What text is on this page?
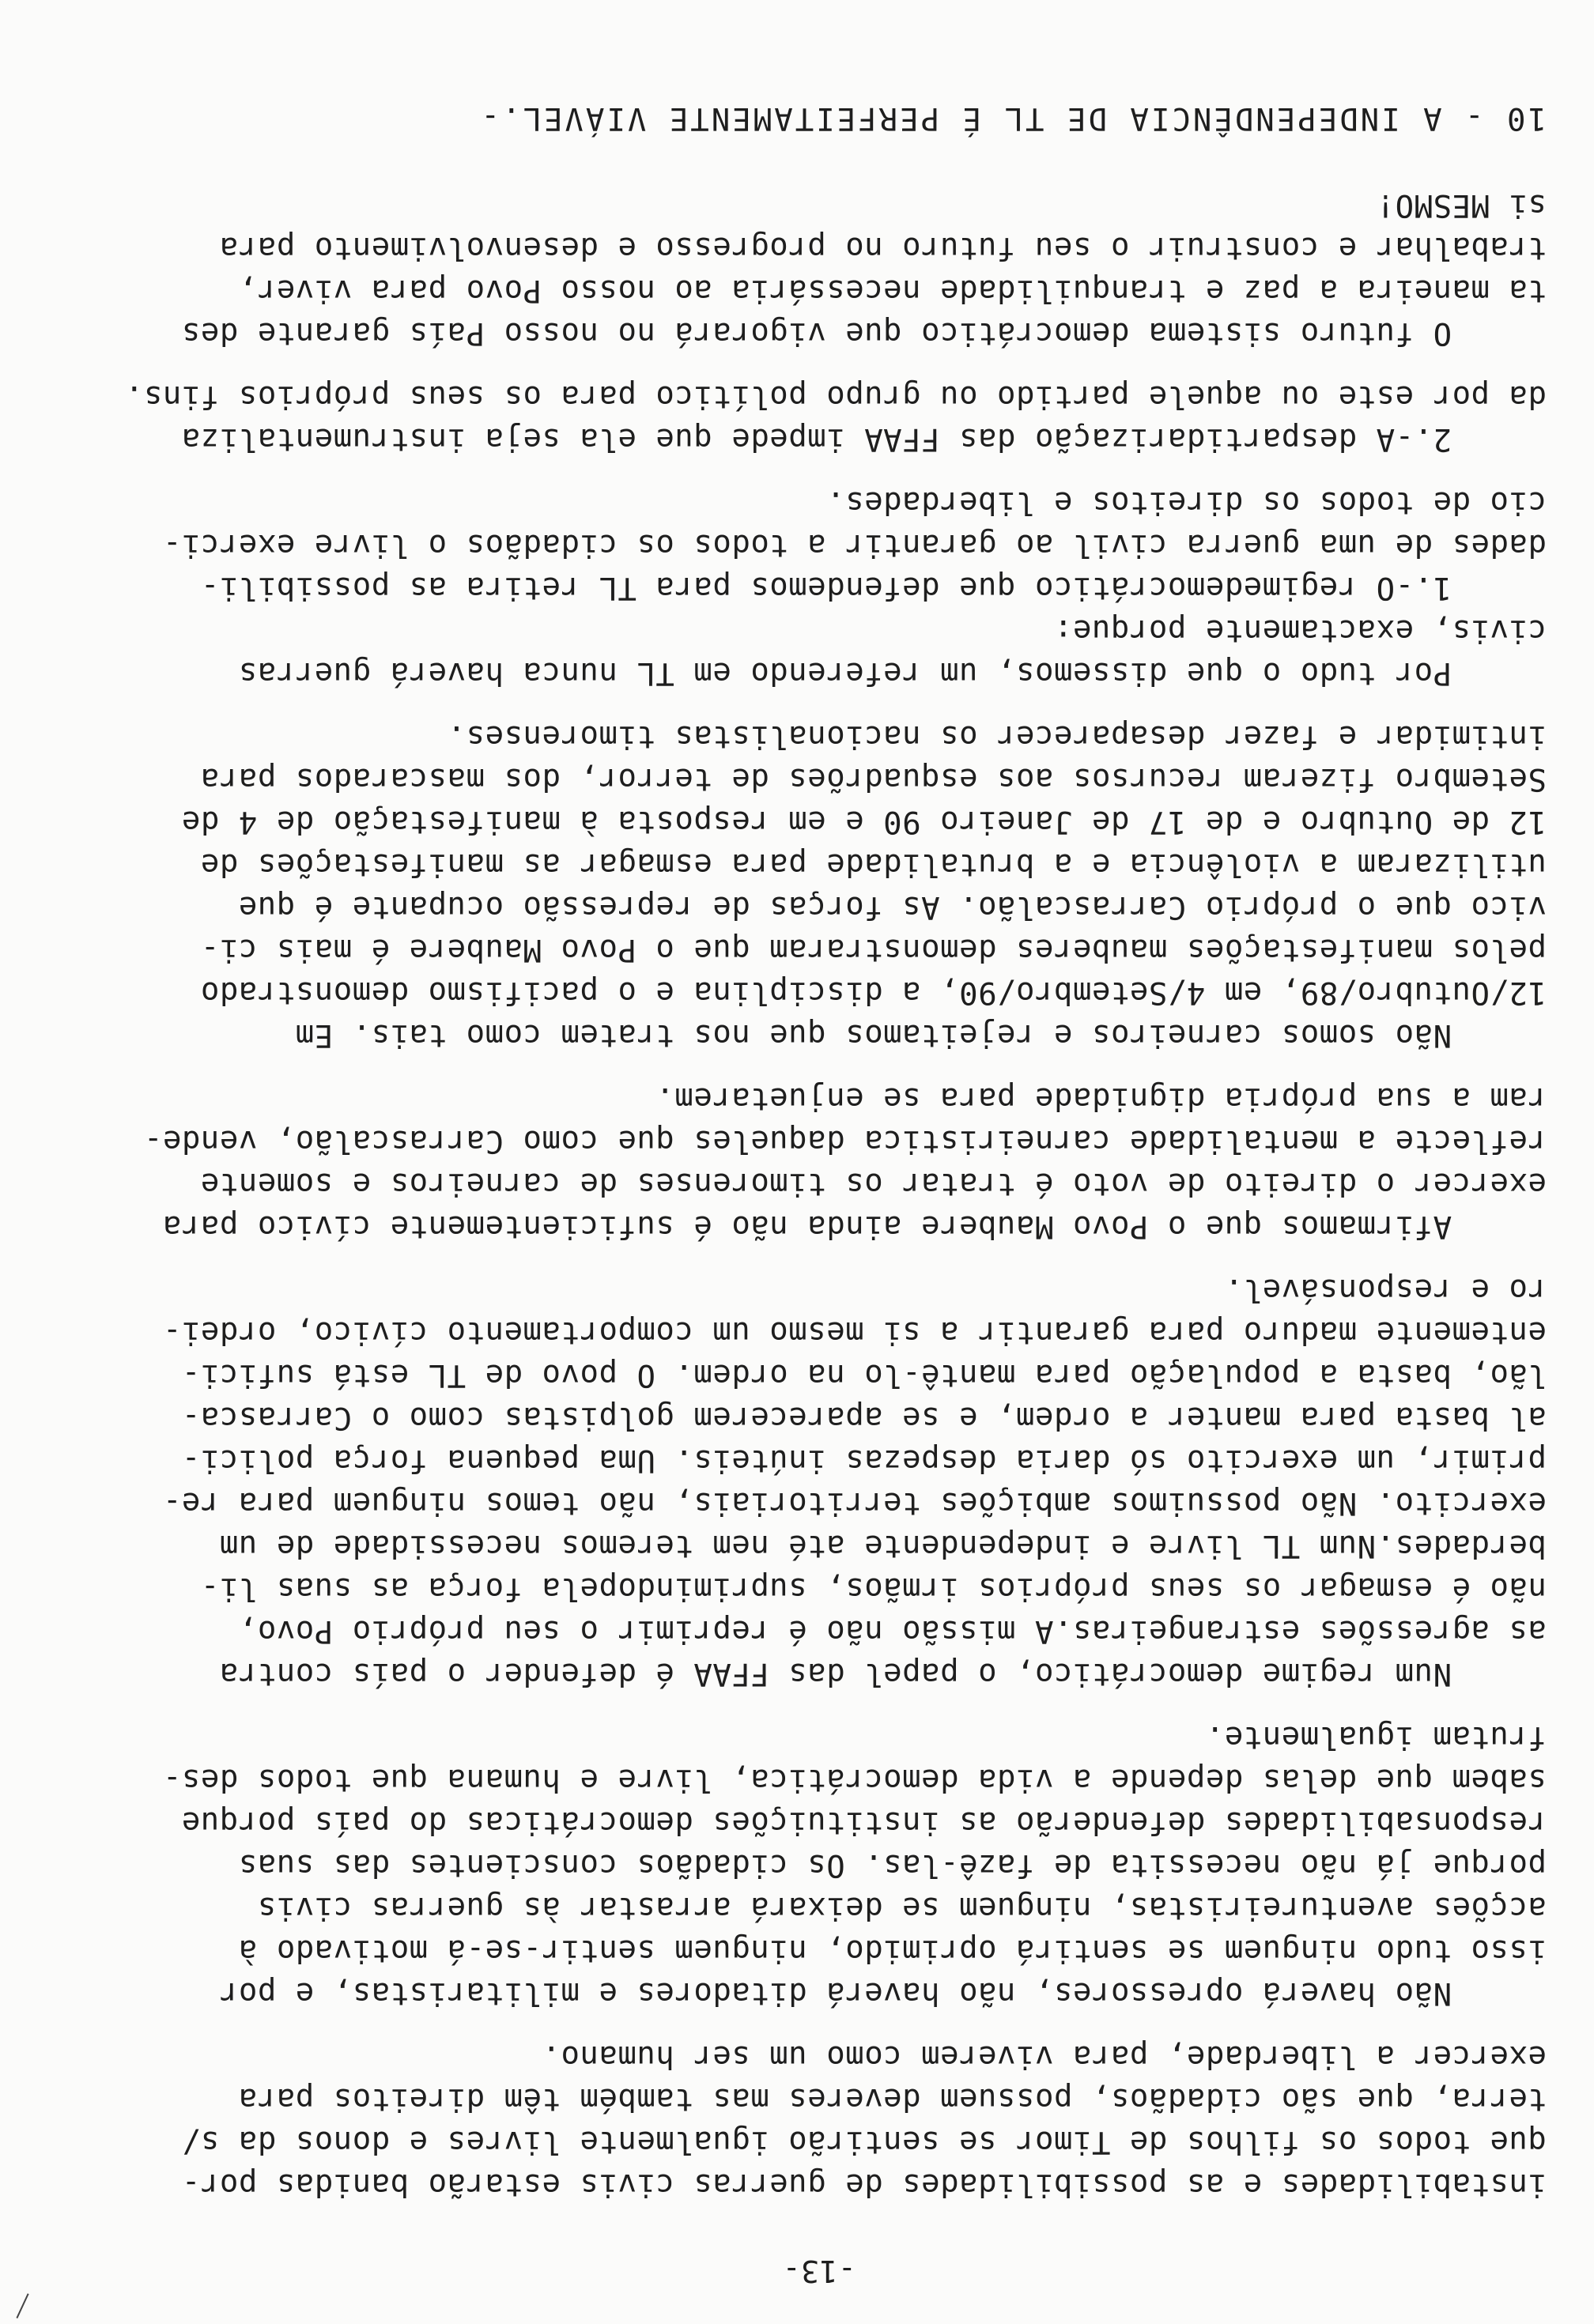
-13-
instabilidades e as possibilidades de guerras civis estarão banidas por-
que todos os filhos de Timor se sentirão igualmente livres e donos da s/
terra, que são cidadãos, possuem deveres mas também têm direitos para
exercer a liberdade, para viverem como um ser humano.
Não haverá opressores, não haverá ditadores e militaristas, e por
isso tudo ninguem se sentirá oprimido, ninguem sentir-se-á motivado à
acções aventureiristas, ninguem se deixará arrastar às guerras civis
porque já não necessita de fazê-las. Os cidadãos conscientes das suas
responsabilidades defenderão as instituições democráticas do país porque
sabem que delas depende a vida democrática, livre e humana que todos des-
frutam igualmente.
Num regime democrático, o papel das FFAA é defender o país contra
as agressões estrangeiras.A missão não é reprimir o seu próprio Povo,
não é esmagar os seus próprios irmãos, suprimindopela força as suas li-
berdades.Num TL livre e independente até nem teremos necessidade de um
exercito. Não possuimos ambições territoriais, não temos ninguem para re-
primir, um exercito só daria despezas inúteis. Uma pequena força polici-
al basta para manter a ordem, e se aparecerem golpistas como o Carrasca-
lão, basta a população para mantê-lo na ordem. O povo de TL está sufici-
entemente maduro para garantir a si mesmo um comportamento cívico, ordei-
ro e responsável.
Afirmamos que o Povo Maubere ainda não é suficientemente cívico para
exercer o direito de voto é tratar os timorenses de carneiros e somente
reflecte a mentalidade carneiristica daqueles que como Carrascalão, vende-
ram a sua própria dignidade para se enjuetarem.
Não somos carneiros e rejeitamos que nos tratem como tais. Em
12/Outubro/89, em 4/Setembro/90, a disciplina e o pacifismo demonstrado
pelos manifestações mauberes demonstraram que o Povo Maubere é mais ci-
vico que o próprio Carrascalão. As forças de repressão ocupante é que
utilizaram a violência e a brutalidade para esmagar as manifestações de
12 de Outubro e de 17 de Janeiro 90 e em resposta à manifestação de 4 de
Setembro fizeram recursos aos esquadrões de terror, dos mascarados para
intimidar e fazer desaparecer os nacionalistas timorenses.
Por tudo o que dissemos, um referendo em TL nunca haverá guerras
civis, exactamente porque:
1.-O regimedemocrático que defendemos para TL retira as possibili-
dades de uma guerra civil ao garantir a todos os cidadãos o livre exerci-
cio de todos os direitos e liberdades.
2.-A despartidarização das FFAA impede que ela seja instrumentaliza
da por este ou aquele partido ou grupo político para os seus próprios fins.
O futuro sistema democrático que vigorará no nosso País garante des
ta maneira a paz e tranquilidade necessária ao nosso Povo para viver,
trabalhar e construir o seu futuro no progresso e desenvolvimento para
si MESMO!
10 - A INDEPENDÊNCIA DE TL É PERFEITAMENTE VIÁVEL.-
